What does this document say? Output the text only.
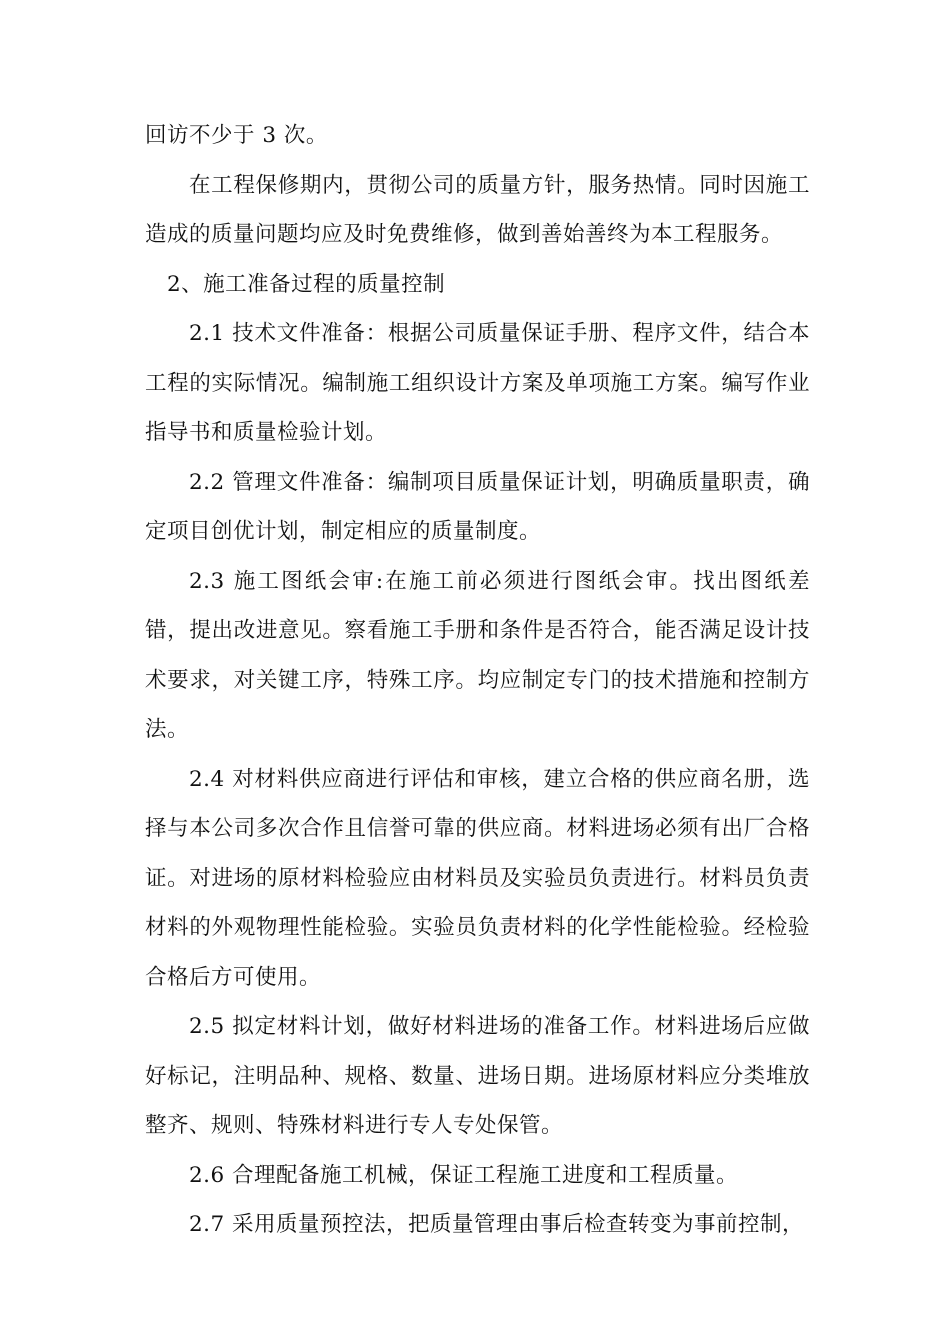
回访不少于 3 次。

在工程保修期内，贯彻公司的质量方针，服务热情。同时因施工造成的质量问题均应及时免费维修，做到善始善终为本工程服务。

2、施工准备过程的质量控制

2.1 技术文件准备：根据公司质量保证手册、程序文件，结合本工程的实际情况。编制施工组织设计方案及单项施工方案。编写作业指导书和质量检验计划。

2.2 管理文件准备：编制项目质量保证计划，明确质量职责，确定项目创优计划，制定相应的质量制度。

2.3 施工图纸会审:在施工前必须进行图纸会审。找出图纸差错，提出改进意见。察看施工手册和条件是否符合，能否满足设计技术要求，对关键工序，特殊工序。均应制定专门的技术措施和控制方法。

2.4 对材料供应商进行评估和审核，建立合格的供应商名册，选择与本公司多次合作且信誉可靠的供应商。材料进场必须有出厂合格证。对进场的原材料检验应由材料员及实验员负责进行。材料员负责材料的外观物理性能检验。实验员负责材料的化学性能检验。经检验合格后方可使用。

2.5 拟定材料计划，做好材料进场的准备工作。材料进场后应做好标记，注明品种、规格、数量、进场日期。进场原材料应分类堆放整齐、规则、特殊材料进行专人专处保管。

2.6 合理配备施工机械，保证工程施工进度和工程质量。

2.7 采用质量预控法，把质量管理由事后检查转变为事前控制，
